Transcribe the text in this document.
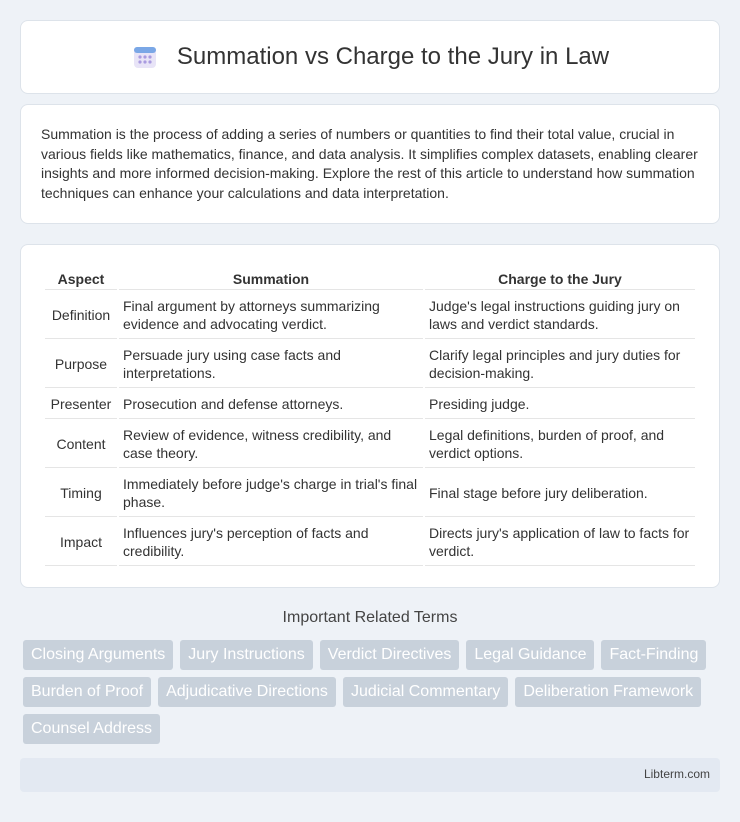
Summation vs Charge to the Jury in Law

Summation is the process of adding a series of numbers or quantities to find their total value, crucial in various fields like mathematics, finance, and data analysis. It simplifies complex datasets, enabling clearer insights and more informed decision-making. Explore the rest of this article to understand how summation techniques can enhance your calculations and data interpretation.

Aspect	Summation	Charge to the Jury
Definition	Final argument by attorneys summarizing evidence and advocating verdict.	Judge's legal instructions guiding jury on laws and verdict standards.
Purpose	Persuade jury using case facts and interpretations.	Clarify legal principles and jury duties for decision-making.
Presenter	Prosecution and defense attorneys.	Presiding judge.
Content	Review of evidence, witness credibility, and case theory.	Legal definitions, burden of proof, and verdict options.
Timing	Immediately before judge's charge in trial's final phase.	Final stage before jury deliberation.
Impact	Influences jury's perception of facts and credibility.	Directs jury's application of law to facts for verdict.
Important Related Terms
Closing Arguments	Jury Instructions	Verdict Directives	Legal Guidance	Fact-Finding
Burden of Proof	Adjudicative Directions	Judicial Commentary	Deliberation Framework
Counsel Address
Libterm.com
